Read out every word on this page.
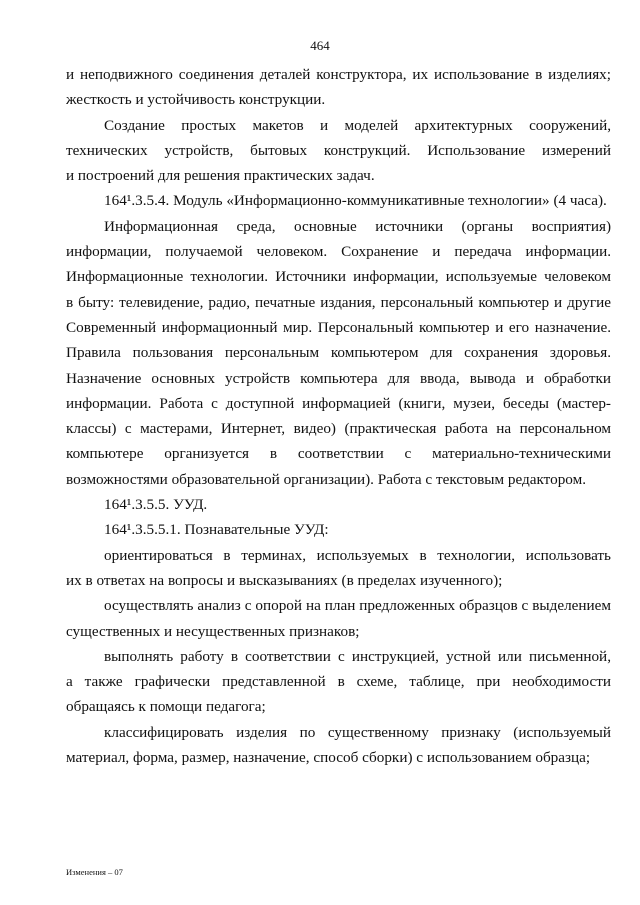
464
и неподвижного соединения деталей конструктора, их использование в изделиях;
жесткость и устойчивость конструкции.
Создание простых макетов и моделей архитектурных сооружений,
технических устройств, бытовых конструкций. Использование измерений
и построений для решения практических задач.
164¹.3.5.4. Модуль «Информационно-коммуникативные технологии» (4 часа).
Информационная среда, основные источники (органы восприятия)
информации, получаемой человеком. Сохранение и передача информации.
Информационные технологии. Источники информации, используемые человеком
в быту: телевидение, радио, печатные издания, персональный компьютер и другие
Современный информационный мир. Персональный компьютер и его назначение.
Правила пользования персональным компьютером для сохранения здоровья.
Назначение основных устройств компьютера для ввода, вывода и обработки
информации. Работа с доступной информацией (книги, музеи, беседы (мастер-
классы) с мастерами, Интернет, видео) (практическая работа на персональном
компьютере организуется в соответствии с материально-техническими
возможностями образовательной организации). Работа с текстовым редактором.
164¹.3.5.5. УУД.
164¹.3.5.5.1. Познавательные УУД:
ориентироваться в терминах, используемых в технологии, использовать
их в ответах на вопросы и высказываниях (в пределах изученного);
осуществлять анализ с опорой на план предложенных образцов с выделением
существенных и несущественных признаков;
выполнять работу в соответствии с инструкцией, устной или письменной,
а также графически представленной в схеме, таблице, при необходимости
обращаясь к помощи педагога;
классифицировать изделия по существенному признаку (используемый
материал, форма, размер, назначение, способ сборки) с использованием образца;
Изменения – 07
